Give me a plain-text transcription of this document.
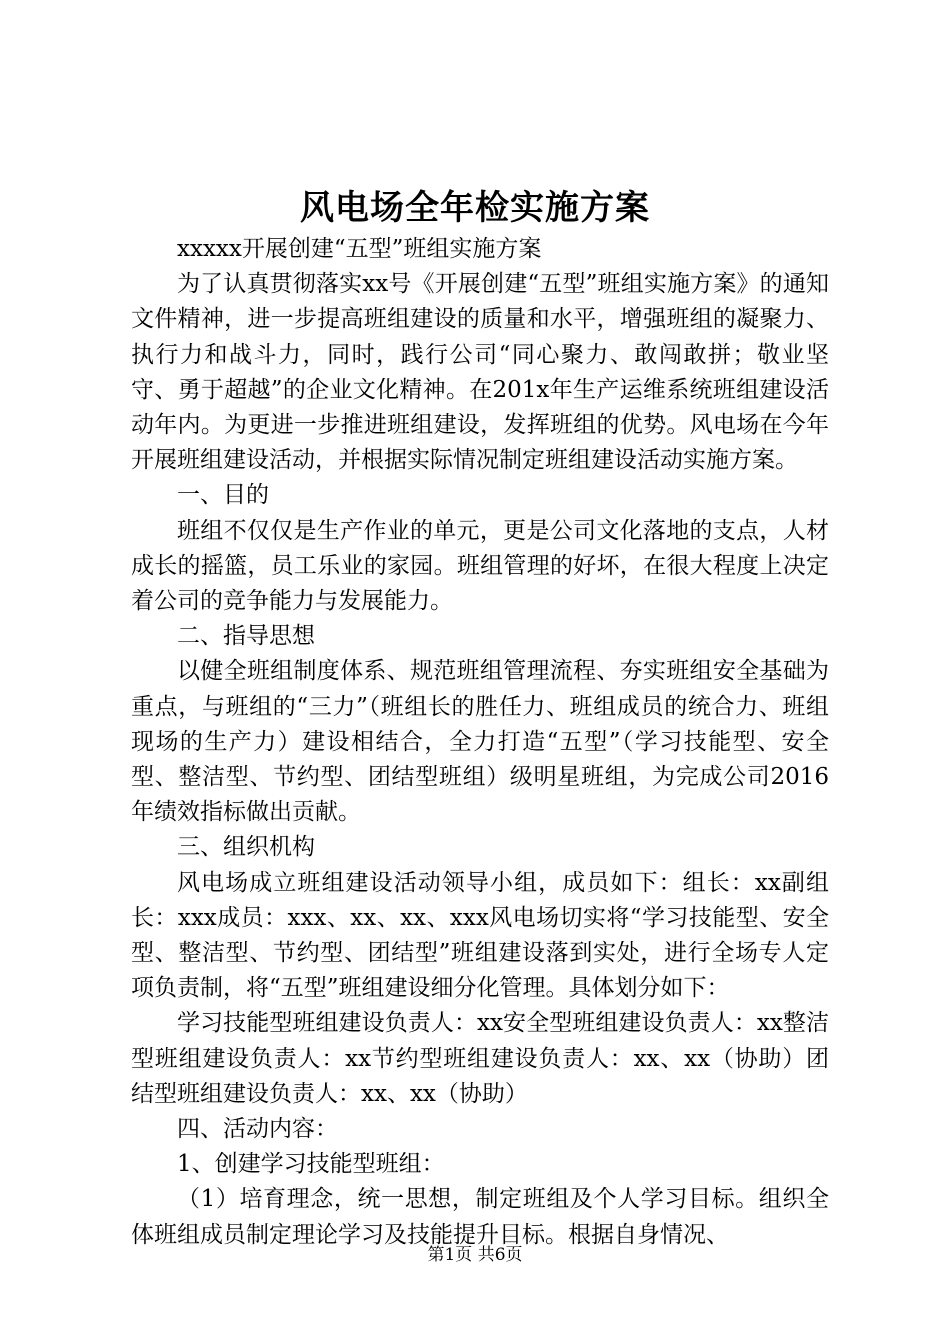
风电场全年检实施方案

xxxxx开展创建“五型”班组实施方案

为了认真贯彻落实xx号《开展创建“五型”班组实施方案》的通知文件精神，进一步提高班组建设的质量和水平，增强班组的凝聚力、执行力和战斗力，同时，践行公司“同心聚力、敢闯敢拼；敬业坚守、勇于超越”的企业文化精神。在201x年生产运维系统班组建设活动年内。为更进一步推进班组建设，发挥班组的优势。风电场在今年开展班组建设活动，并根据实际情况制定班组建设活动实施方案。

一、目的

班组不仅仅是生产作业的单元，更是公司文化落地的支点，人材成长的摇篮，员工乐业的家园。班组管理的好坏，在很大程度上决定着公司的竞争能力与发展能力。

二、指导思想

以健全班组制度体系、规范班组管理流程、夯实班组安全基础为重点，与班组的“三力”（班组长的胜任力、班组成员的统合力、班组现场的生产力）建设相结合，全力打造“五型”（学习技能型、安全型、整洁型、节约型、团结型班组）级明星班组，为完成公司2016年绩效指标做出贡献。

三、组织机构

风电场成立班组建设活动领导小组，成员如下：组长：xx副组长：xxx成员：xxx、xx、xx、xxx风电场切实将“学习技能型、安全型、整洁型、节约型、团结型”班组建设落到实处，进行全场专人定项负责制，将“五型”班组建设细分化管理。具体划分如下：

学习技能型班组建设负责人：xx安全型班组建设负责人：xx整洁型班组建设负责人：xx节约型班组建设负责人：xx、xx（协助）团结型班组建设负责人：xx、xx（协助）

四、活动内容：

1、创建学习技能型班组：

（1）培育理念，统一思想，制定班组及个人学习目标。组织全体班组成员制定理论学习及技能提升目标。根据自身情况、

第1页 共6页
